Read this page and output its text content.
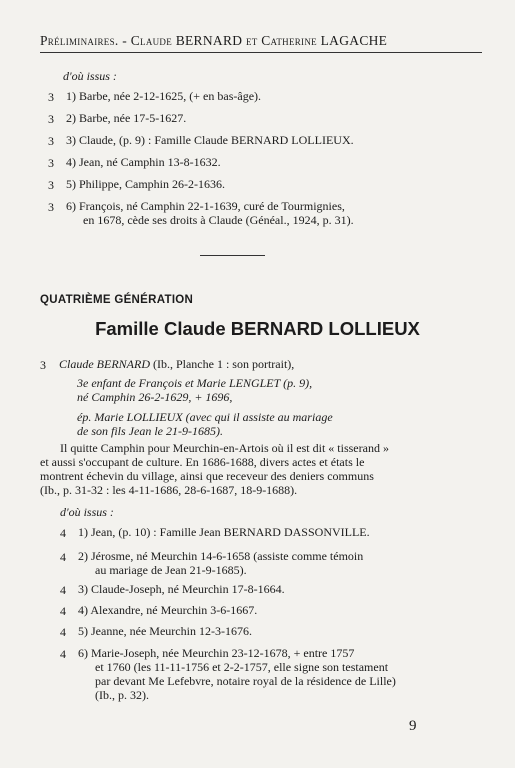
Préliminaires. - Claude BERNARD et Catherine LAGACHE
d'où issus :
3 1) Barbe, née 2-12-1625, (+ en bas-âge).
3 2) Barbe, née 17-5-1627.
3 3) Claude, (p. 9) : Famille Claude BERNARD LOLLIEUX.
3 4) Jean, né Camphin 13-8-1632.
3 5) Philippe, Camphin 26-2-1636.
3 6) François, né Camphin 22-1-1639, curé de Tourmignies,
en 1678, cède ses droits à Claude (Généal., 1924, p. 31).
QUATRIÈME GÉNÉRATION
Famille Claude BERNARD LOLLIEUX
3 Claude BERNARD (Ib., Planche 1 : son portrait),
3e enfant de François et Marie LENGLET (p. 9),
né Camphin 26-2-1629, + 1696,
ép. Marie LOLLIEUX (avec qui il assiste au mariage
de son fils Jean le 21-9-1685).
Il quitte Camphin pour Meurchin-en-Artois où il est dit « tisserand »
et aussi s'occupant de culture. En 1686-1688, divers actes et états le
montrent échevin du village, ainsi que receveur des deniers communs
(Ib., p. 31-32 : les 4-11-1686, 28-6-1687, 18-9-1688).
d'où issus :
4 1) Jean, (p. 10) : Famille Jean BERNARD DASSONVILLE.
4 2) Jérosme, né Meurchin 14-6-1658 (assiste comme témoin
au mariage de Jean 21-9-1685).
4 3) Claude-Joseph, né Meurchin 17-8-1664.
4 4) Alexandre, né Meurchin 3-6-1667.
4 5) Jeanne, née Meurchin 12-3-1676.
4 6) Marie-Joseph, née Meurchin 23-12-1678, + entre 1757
et 1760 (les 11-11-1756 et 2-2-1757, elle signe son testament
par devant Me Lefebvre, notaire royal de la résidence de Lille)
(Ib., p. 32).
9
